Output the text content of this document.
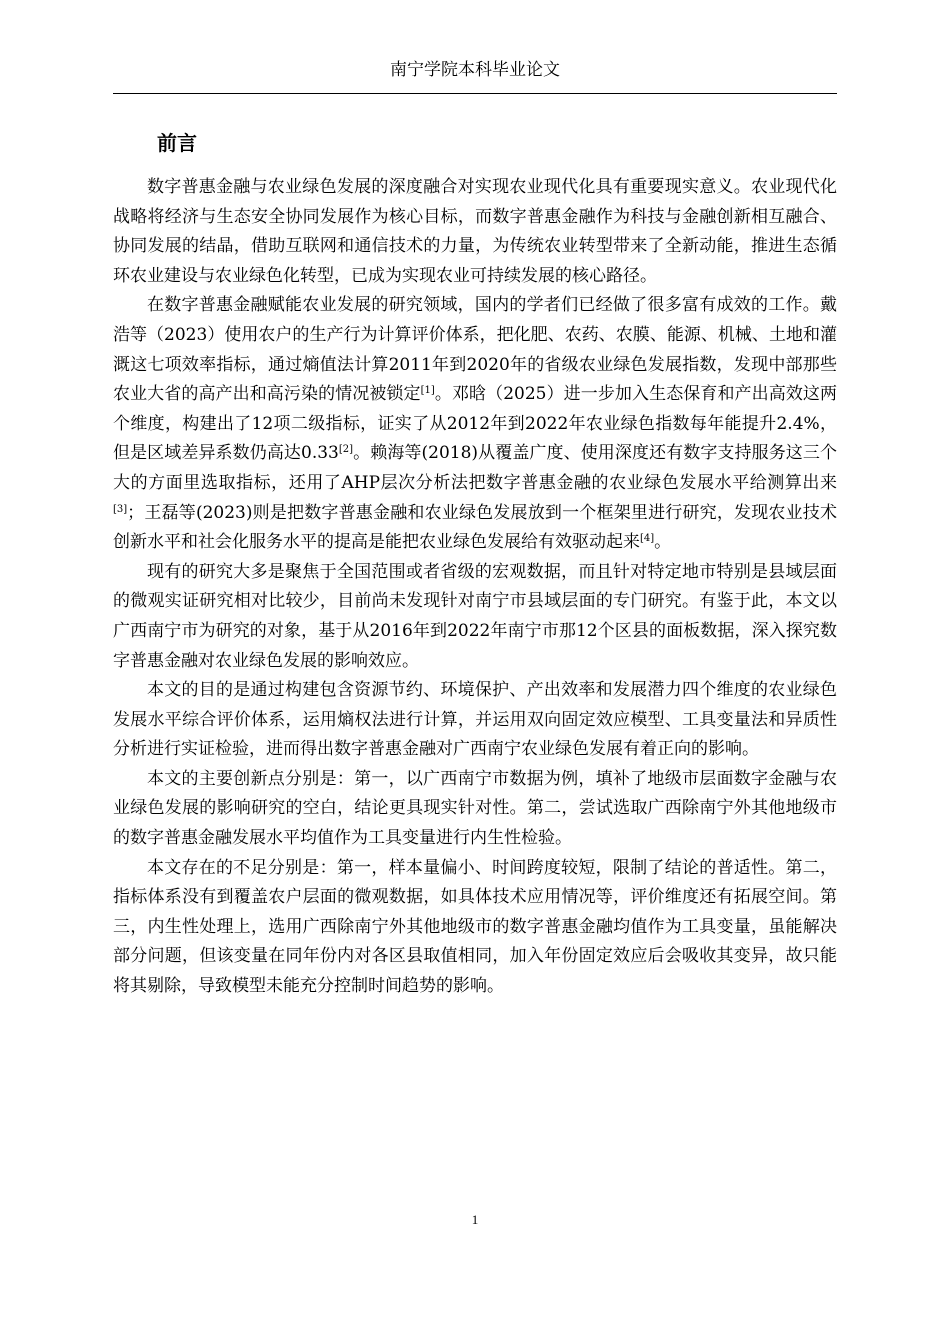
南宁学院本科毕业论文
前言

数字普惠金融与农业绿色发展的深度融合对实现农业现代化具有重要现实意义。农业现代化战略将经济与生态安全协同发展作为核心目标，而数字普惠金融作为科技与金融创新相互融合、协同发展的结晶，借助互联网和通信技术的力量，为传统农业转型带来了全新动能，推进生态循环农业建设与农业绿色化转型，已成为实现农业可持续发展的核心路径。

在数字普惠金融赋能农业发展的研究领域，国内的学者们已经做了很多富有成效的工作。戴浩等（2023）使用农户的生产行为计算评价体系，把化肥、农药、农膜、能源、机械、土地和灌溉这七项效率指标，通过熵值法计算2011年到2020年的省级农业绿色发展指数，发现中部那些农业大省的高产出和高污染的情况被锁定[1]。邓晗（2025）进一步加入生态保育和产出高效这两个维度，构建出了12项二级指标，证实了从2012年到2022年农业绿色指数每年能提升2.4%，但是区域差异系数仍高达0.33[2]。赖海等(2018)从覆盖广度、使用深度还有数字支持服务这三个大的方面里选取指标，还用了AHP层次分析法把数字普惠金融的农业绿色发展水平给测算出来[3]；王磊等(2023)则是把数字普惠金融和农业绿色发展放到一个框架里进行研究，发现农业技术创新水平和社会化服务水平的提高是能把农业绿色发展给有效驱动起来[4]。

现有的研究大多是聚焦于全国范围或者省级的宏观数据，而且针对特定地市特别是县域层面的微观实证研究相对比较少，目前尚未发现针对南宁市县域层面的专门研究。有鉴于此，本文以广西南宁市为研究的对象，基于从2016年到2022年南宁市那12个区县的面板数据，深入探究数字普惠金融对农业绿色发展的影响效应。

本文的目的是通过构建包含资源节约、环境保护、产出效率和发展潜力四个维度的农业绿色发展水平综合评价体系，运用熵权法进行计算，并运用双向固定效应模型、工具变量法和异质性分析进行实证检验，进而得出数字普惠金融对广西南宁农业绿色发展有着正向的影响。

本文的主要创新点分别是：第一，以广西南宁市数据为例，填补了地级市层面数字金融与农业绿色发展的影响研究的空白，结论更具现实针对性。第二，尝试选取广西除南宁外其他地级市的数字普惠金融发展水平均值作为工具变量进行内生性检验。

本文存在的不足分别是：第一，样本量偏小、时间跨度较短，限制了结论的普适性。第二，指标体系没有到覆盖农户层面的微观数据，如具体技术应用情况等，评价维度还有拓展空间。第三，内生性处理上，选用广西除南宁外其他地级市的数字普惠金融均值作为工具变量，虽能解决部分问题，但该变量在同年份内对各区县取值相同，加入年份固定效应后会吸收其变异，故只能将其剔除，导致模型未能充分控制时间趋势的影响。

1
